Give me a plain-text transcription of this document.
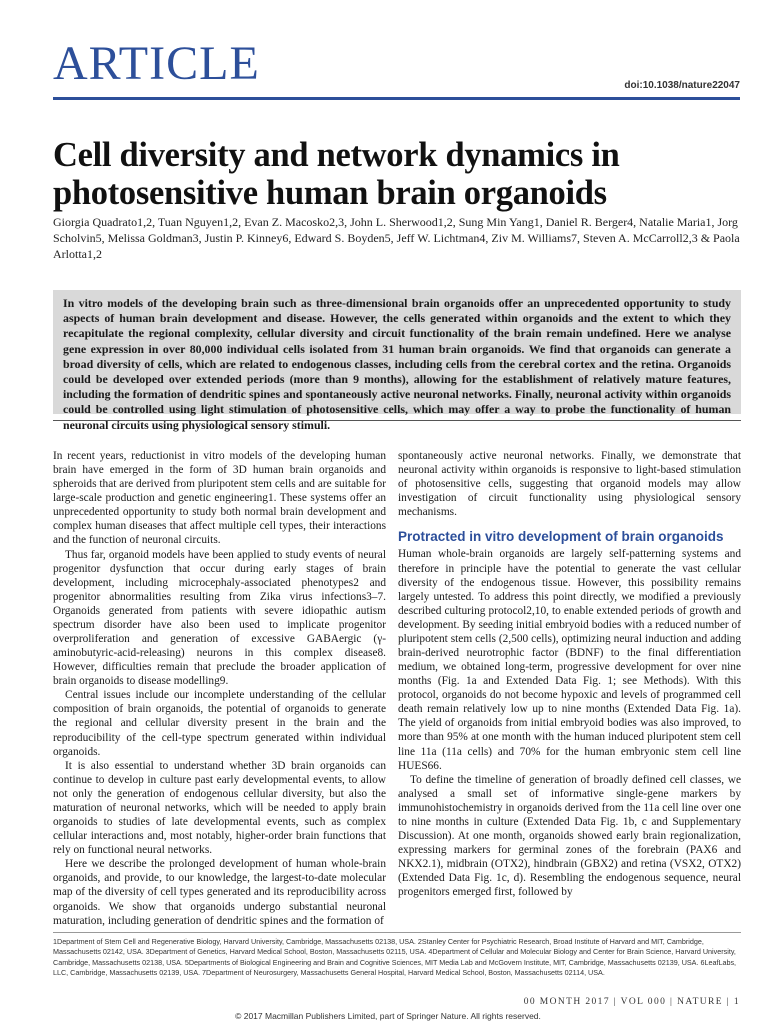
ARTICLE	doi:10.1038/nature22047
Cell diversity and network dynamics in photosensitive human brain organoids
Giorgia Quadrato1,2, Tuan Nguyen1,2, Evan Z. Macosko2,3, John L. Sherwood1,2, Sung Min Yang1, Daniel R. Berger4, Natalie Maria1, Jorg Scholvin5, Melissa Goldman3, Justin P. Kinney6, Edward S. Boyden5, Jeff W. Lichtman4, Ziv M. Williams7, Steven A. McCarroll2,3 & Paola Arlotta1,2
In vitro models of the developing brain such as three-dimensional brain organoids offer an unprecedented opportunity to study aspects of human brain development and disease. However, the cells generated within organoids and the extent to which they recapitulate the regional complexity, cellular diversity and circuit functionality of the brain remain undefined. Here we analyse gene expression in over 80,000 individual cells isolated from 31 human brain organoids. We find that organoids can generate a broad diversity of cells, which are related to endogenous classes, including cells from the cerebral cortex and the retina. Organoids could be developed over extended periods (more than 9 months), allowing for the establishment of relatively mature features, including the formation of dendritic spines and spontaneously active neuronal networks. Finally, neuronal activity within organoids could be controlled using light stimulation of photosensitive cells, which may offer a way to probe the functionality of human neuronal circuits using physiological sensory stimuli.

In recent years, reductionist in vitro models of the developing human brain have emerged in the form of 3D human brain organoids and spheroids that are derived from pluripotent stem cells and are suitable for large-scale production and genetic engineering1. These systems offer an unprecedented opportunity to study both normal brain development and complex human diseases that affect multiple cell types, their interactions and the function of neuronal circuits.

Thus far, organoid models have been applied to study events of neural progenitor dysfunction that occur during early stages of brain development, including microcephaly-associated phenotypes2 and progenitor abnormalities resulting from Zika virus infections3–7. Organoids generated from patients with severe idiopathic autism spectrum disorder have also been used to implicate progenitor overproliferation and generation of excessive GABAergic (γ-aminobutyric-acid-releasing) neurons in this complex disease8. However, difficulties remain that preclude the broader application of brain organoids to disease modelling9.

Central issues include our incomplete understanding of the cellular composition of brain organoids, the potential of organoids to generate the regional and cellular diversity present in the brain and the reproducibility of the cell-type spectrum generated within individual organoids.

It is also essential to understand whether 3D brain organoids can continue to develop in culture past early developmental events, to allow not only the generation of endogenous cellular diversity, but also the maturation of neuronal networks, which will be needed to apply brain organoids to studies of late developmental events, such as complex cellular interactions and, most notably, higher-order brain functions that rely on functional neural networks.

Here we describe the prolonged development of human whole-brain organoids, and provide, to our knowledge, the largest-to-date molecular map of the diversity of cell types generated and its reproducibility across organoids. We show that organoids undergo substantial neuronal maturation, including generation of dendritic spines and the formation of

spontaneously active neuronal networks. Finally, we demonstrate that neuronal activity within organoids is responsive to light-based stimulation of photosensitive cells, suggesting that organoid models may allow investigation of circuit functionality using physiological sensory mechanisms.

Protracted in vitro development of brain organoids

Human whole-brain organoids are largely self-patterning systems and therefore in principle have the potential to generate the vast cellular diversity of the endogenous tissue. However, this possibility remains largely untested. To address this point directly, we modified a previously described culturing protocol2,10, to enable extended periods of growth and development. By seeding initial embryoid bodies with a reduced number of pluripotent stem cells (2,500 cells), optimizing neural induction and adding brain-derived neurotrophic factor (BDNF) to the final differentiation medium, we obtained long-term, progressive development for over nine months (Fig. 1a and Extended Data Fig. 1; see Methods). With this protocol, organoids do not become hypoxic and levels of programmed cell death remain relatively low up to nine months (Extended Data Fig. 1a). The yield of organoids from initial embryoid bodies was also improved, to more than 95% at one month with the human induced pluripotent stem cell line 11a (11a cells) and 70% for the human embryonic stem cell line HUES66.

To define the timeline of generation of broadly defined cell classes, we analysed a small set of informative single-gene markers by immunohistochemistry in organoids derived from the 11a cell line over one to nine months in culture (Extended Data Fig. 1b, c and Supplementary Discussion). At one month, organoids showed early brain regionalization, expressing markers for germinal zones of the forebrain (PAX6 and NKX2.1), midbrain (OTX2), hindbrain (GBX2) and retina (VSX2, OTX2) (Extended Data Fig. 1c, d). Resembling the endogenous sequence, neural progenitors emerged first, followed by

1Department of Stem Cell and Regenerative Biology, Harvard University, Cambridge, Massachusetts 02138, USA. 2Stanley Center for Psychiatric Research, Broad Institute of Harvard and MIT, Cambridge, Massachusetts 02142, USA. 3Department of Genetics, Harvard Medical School, Boston, Massachusetts 02115, USA. 4Department of Cellular and Molecular Biology and Center for Brain Science, Harvard University, Cambridge, Massachusetts 02138, USA. 5Departments of Biological Engineering and Brain and Cognitive Sciences, MIT Media Lab and McGovern Institute, MIT, Cambridge, Massachusetts 02139, USA. 6LeafLabs, LLC, Cambridge, Massachusetts 02139, USA. 7Department of Neurosurgery, Massachusetts General Hospital, Harvard Medical School, Boston, Massachusetts 02114, USA.
00 MONTH 2017 | VOL 000 | NATURE | 1
© 2017 Macmillan Publishers Limited, part of Springer Nature. All rights reserved.
